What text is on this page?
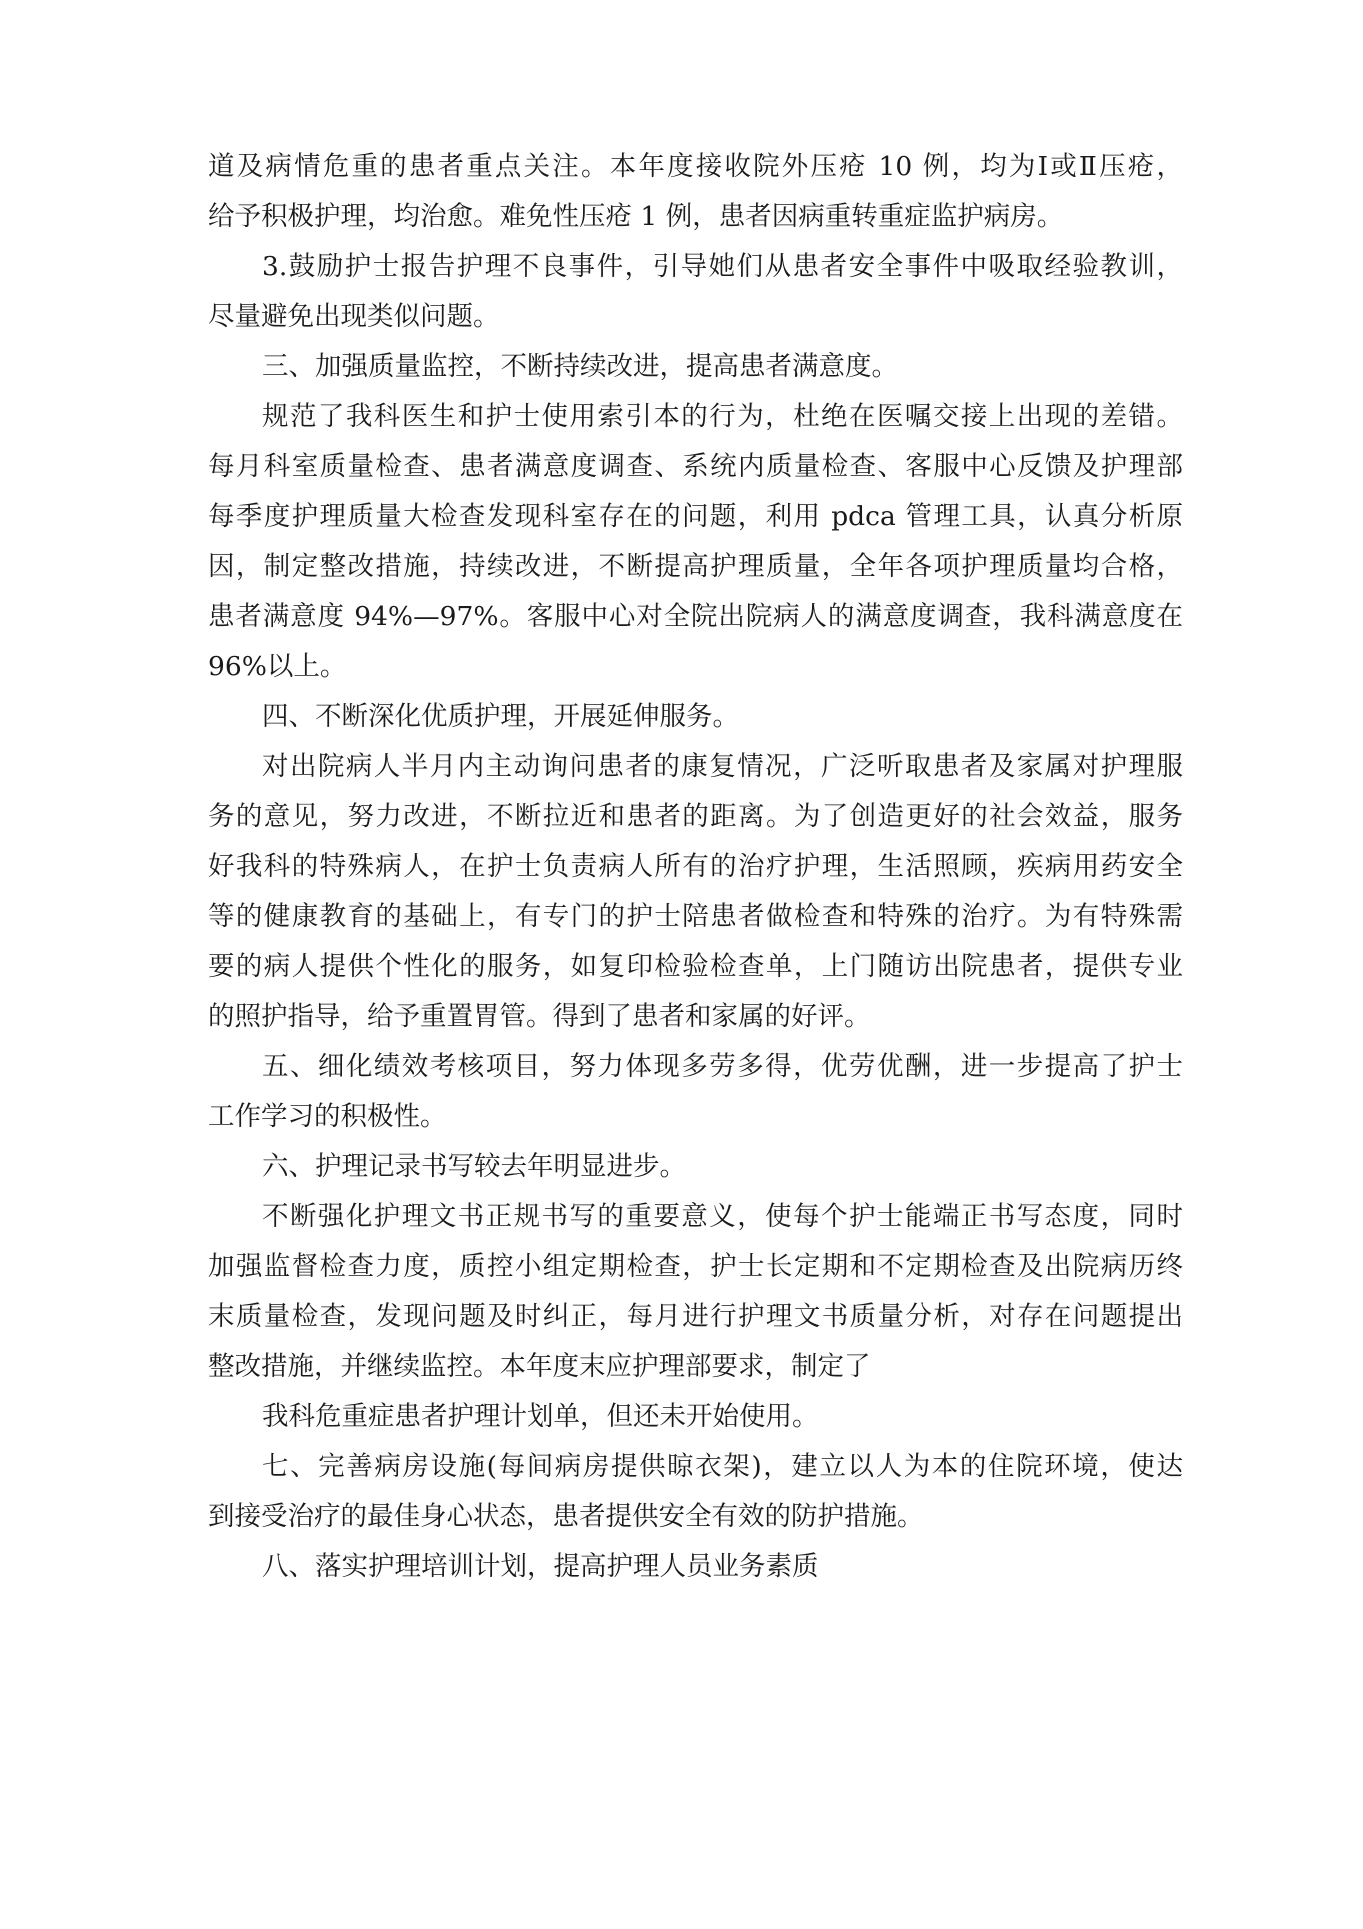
道及病情危重的患者重点关注。本年度接收院外压疮 10 例，均为Ⅰ或Ⅱ压疮，
给予积极护理，均治愈。难免性压疮 1 例，患者因病重转重症监护病房。
3.鼓励护士报告护理不良事件，引导她们从患者安全事件中吸取经验教训，
尽量避免出现类似问题。
三、加强质量监控，不断持续改进，提高患者满意度。
规范了我科医生和护士使用索引本的行为，杜绝在医嘱交接上出现的差错。
每月科室质量检查、患者满意度调查、系统内质量检查、客服中心反馈及护理部
每季度护理质量大检查发现科室存在的问题，利用 pdca 管理工具，认真分析原
因，制定整改措施，持续改进，不断提高护理质量，全年各项护理质量均合格，
患者满意度 94%—97%。客服中心对全院出院病人的满意度调查，我科满意度在
96%以上。
四、不断深化优质护理，开展延伸服务。
对出院病人半月内主动询问患者的康复情况，广泛听取患者及家属对护理服
务的意见，努力改进，不断拉近和患者的距离。为了创造更好的社会效益，服务
好我科的特殊病人，在护士负责病人所有的治疗护理，生活照顾，疾病用药安全
等的健康教育的基础上，有专门的护士陪患者做检查和特殊的治疗。为有特殊需
要的病人提供个性化的服务，如复印检验检查单，上门随访出院患者，提供专业
的照护指导，给予重置胃管。得到了患者和家属的好评。
五、细化绩效考核项目，努力体现多劳多得，优劳优酬，进一步提高了护士
工作学习的积极性。
六、护理记录书写较去年明显进步。
不断强化护理文书正规书写的重要意义，使每个护士能端正书写态度，同时
加强监督检查力度，质控小组定期检查，护士长定期和不定期检查及出院病历终
末质量检查，发现问题及时纠正，每月进行护理文书质量分析，对存在问题提出
整改措施，并继续监控。本年度末应护理部要求，制定了
我科危重症患者护理计划单，但还未开始使用。
七、完善病房设施(每间病房提供晾衣架)，建立以人为本的住院环境，使达
到接受治疗的最佳身心状态，患者提供安全有效的防护措施。
八、落实护理培训计划，提高护理人员业务素质
